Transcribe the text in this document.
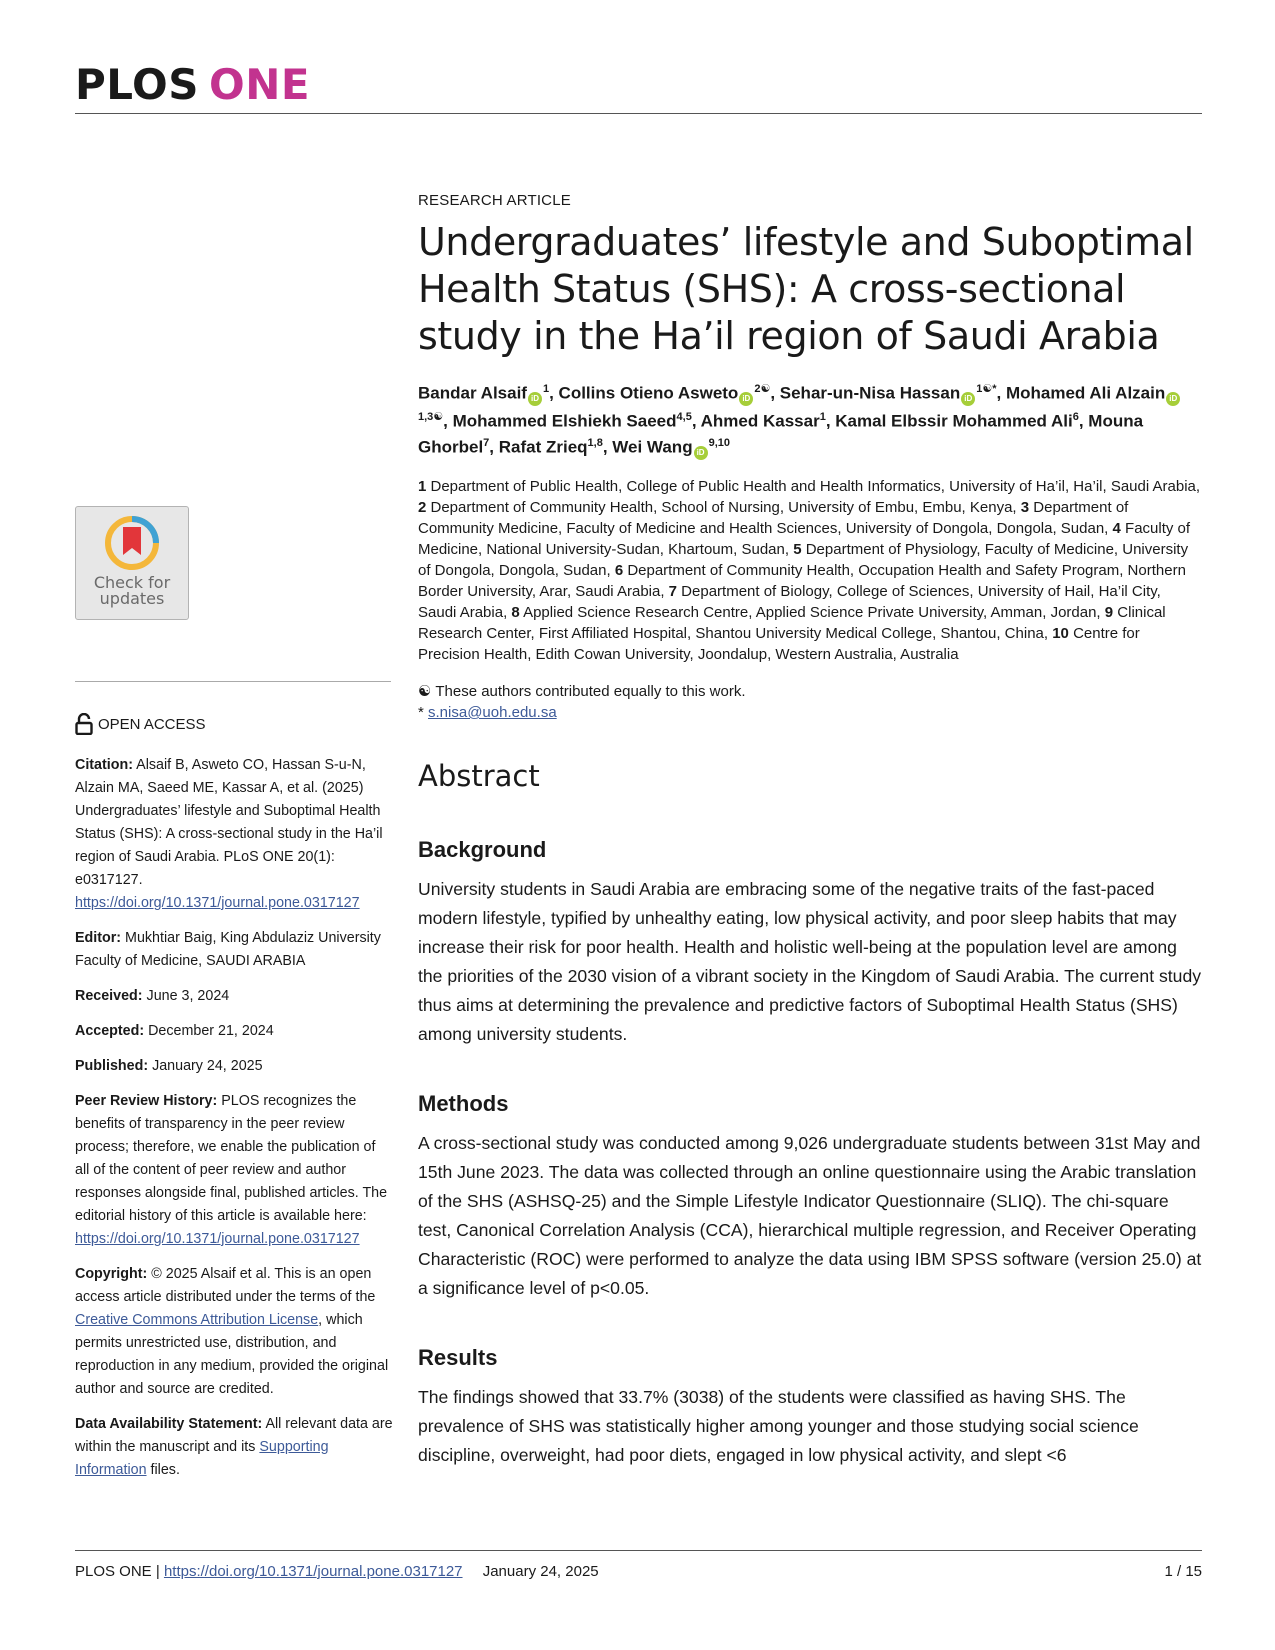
PLOS ONE
Check for
updates
OPEN ACCESS

Citation: Alsaif B, Asweto CO, Hassan S-u-N, Alzain MA, Saeed ME, Kassar A, et al. (2025) Undergraduates’ lifestyle and Suboptimal Health Status (SHS): A cross-sectional study in the Ha’il region of Saudi Arabia. PLoS ONE 20(1): e0317127. https://doi.org/10.1371/journal.pone.0317127

Editor: Mukhtiar Baig, King Abdulaziz University Faculty of Medicine, SAUDI ARABIA

Received: June 3, 2024

Accepted: December 21, 2024

Published: January 24, 2025

Peer Review History: PLOS recognizes the benefits of transparency in the peer review process; therefore, we enable the publication of all of the content of peer review and author responses alongside final, published articles. The editorial history of this article is available here: https://doi.org/10.1371/journal.pone.0317127

Copyright: © 2025 Alsaif et al. This is an open access article distributed under the terms of the Creative Commons Attribution License, which permits unrestricted use, distribution, and reproduction in any medium, provided the original author and source are credited.

Data Availability Statement: All relevant data are within the manuscript and its Supporting Information files.

RESEARCH ARTICLE

Undergraduates’ lifestyle and Suboptimal Health Status (SHS): A cross-sectional study in the Ha’il region of Saudi Arabia

Bandar Alsaif $iD^1$, Collins Otieno Asweto $iD^{2☯}$, Sehar-un-Nisa Hassan $iD^{1☯*}$, Mohamed Ali Alzain $iD^{1,3☯}$, Mohammed Elshiekh Saeed$^{4,5}$, Ahmed Kassar$^1$, Kamal Elbssir Mohammed Ali$^6$, Mouna Ghorbel$^7$, Rafat Zrieq$^{1,8}$, Wei Wang iD$^{9,10}$

1 Department of Public Health, College of Public Health and Health Informatics, University of Ha’il, Ha’il, Saudi Arabia, 2 Department of Community Health, School of Nursing, University of Embu, Embu, Kenya, 3 Department of Community Medicine, Faculty of Medicine and Health Sciences, University of Dongola, Dongola, Sudan, 4 Faculty of Medicine, National University-Sudan, Khartoum, Sudan, 5 Department of Physiology, Faculty of Medicine, University of Dongola, Dongola, Sudan, 6 Department of Community Health, Occupation Health and Safety Program, Northern Border University, Arar, Saudi Arabia, 7 Department of Biology, College of Sciences, University of Hail, Ha’il City, Saudi Arabia, 8 Applied Science Research Centre, Applied Science Private University, Amman, Jordan, 9 Clinical Research Center, First Affiliated Hospital, Shantou University Medical College, Shantou, China, 10 Centre for Precision Health, Edith Cowan University, Joondalup, Western Australia, Australia

☯ These authors contributed equally to this work.
* s.nisa@uoh.edu.sa

Abstract
Background

University students in Saudi Arabia are embracing some of the negative traits of the fast-paced modern lifestyle, typified by unhealthy eating, low physical activity, and poor sleep habits that may increase their risk for poor health. Health and holistic well-being at the population level are among the priorities of the 2030 vision of a vibrant society in the Kingdom of Saudi Arabia. The current study thus aims at determining the prevalence and predictive factors of Suboptimal Health Status (SHS) among university students.

Methods

A cross-sectional study was conducted among 9,026 undergraduate students between 31st May and 15th June 2023. The data was collected through an online questionnaire using the Arabic translation of the SHS (ASHSQ-25) and the Simple Lifestyle Indicator Questionnaire (SLIQ). The chi-square test, Canonical Correlation Analysis (CCA), hierarchical multiple regression, and Receiver Operating Characteristic (ROC) were performed to analyze the data using IBM SPSS software (version 25.0) at a significance level of p<0.05.

Results

The findings showed that 33.7% (3038) of the students were classified as having SHS. The prevalence of SHS was statistically higher among younger and those studying social science discipline, overweight, had poor diets, engaged in low physical activity, and slept <6

PLOS ONE | https://doi.org/10.1371/journal.pone.0317127 January 24, 2025	1 / 15
